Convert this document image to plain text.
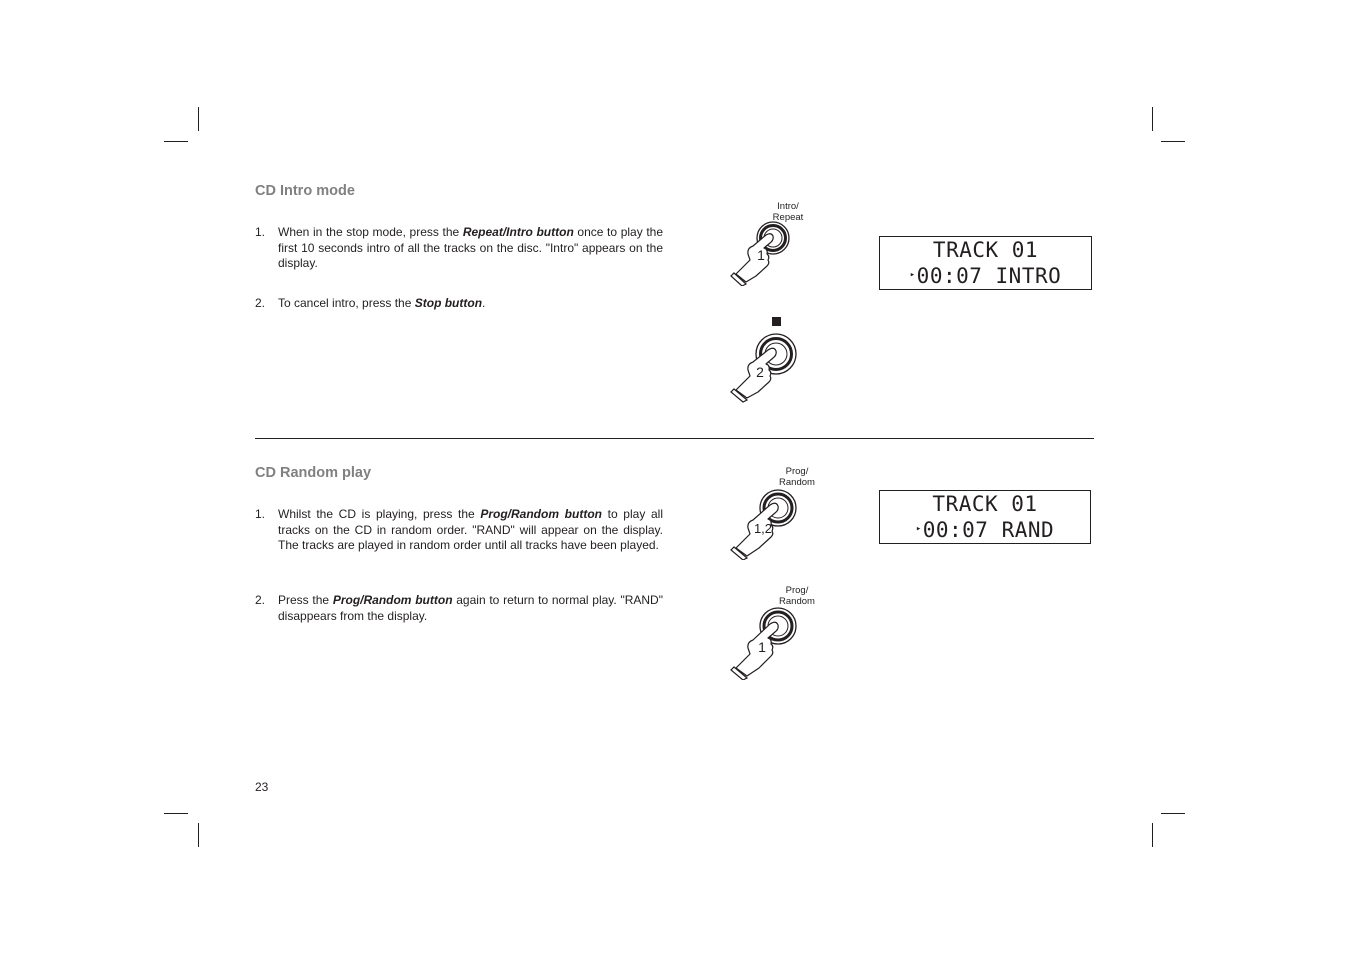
CD Intro mode
1. When in the stop mode, press the Repeat/Intro button once to play the first 10 seconds intro of all the tracks on the disc. "Intro" appears on the display.
2. To cancel intro, press the Stop button.
Intro/
Repeat
1
2
TRACK 01
▸00:07 INTRO
CD Random play
1. Whilst the CD is playing, press the Prog/Random button to play all tracks on the CD in random order. "RAND" will appear on the display. The tracks are played in random order until all tracks have been played.
2. Press the Prog/Random button again to return to normal play. "RAND" disappears from the display.
Prog/
Random
1,2
Prog/
Random
1
TRACK 01
▸00:07 RAND
23
